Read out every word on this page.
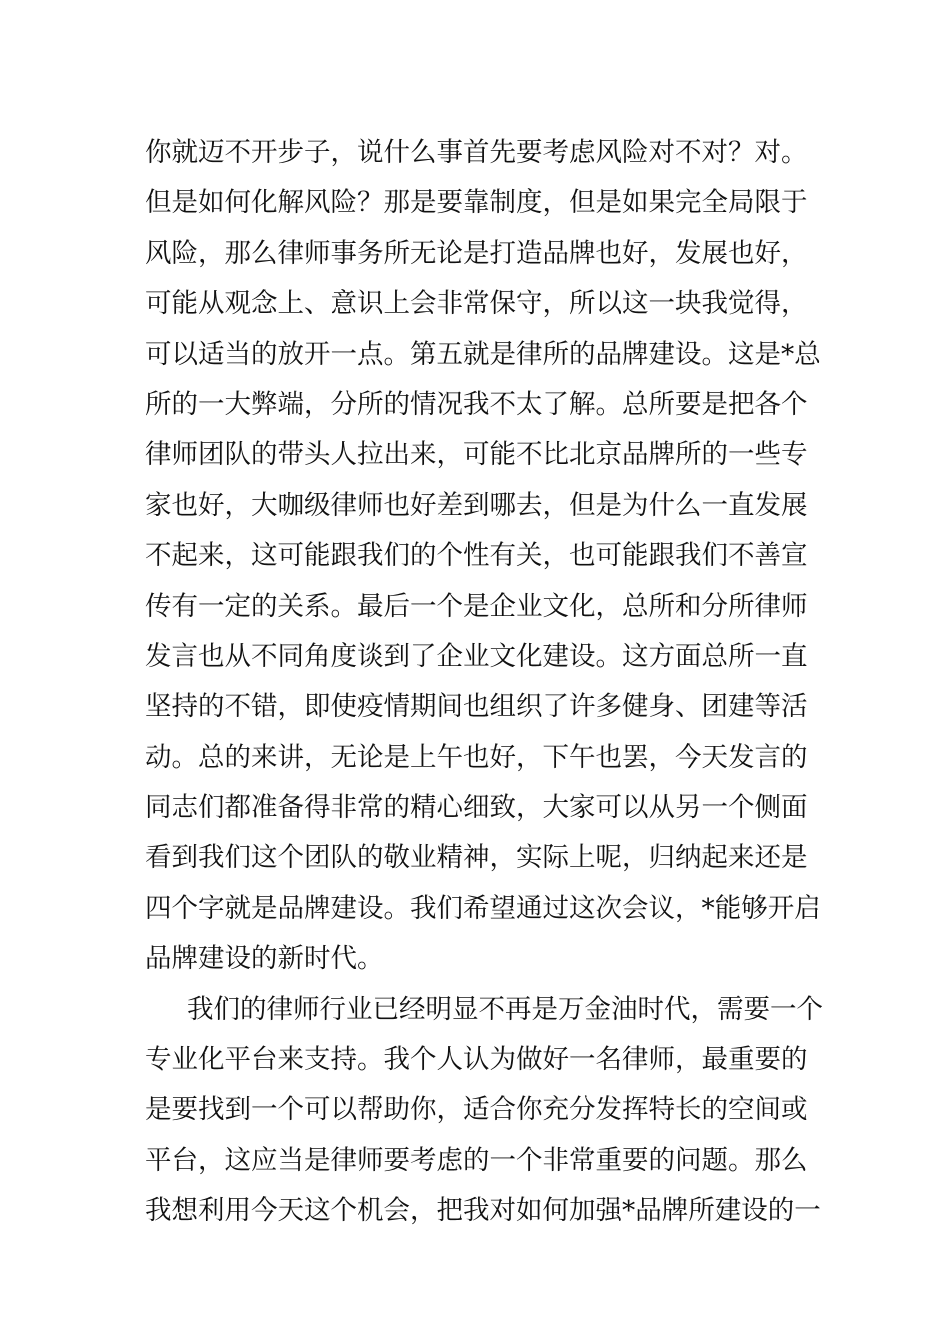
你就迈不开步子，说什么事首先要考虑风险对不对？对。
但是如何化解风险？那是要靠制度，但是如果完全局限于
风险，那么律师事务所无论是打造品牌也好，发展也好，
可能从观念上、意识上会非常保守，所以这一块我觉得，
可以适当的放开一点。第五就是律所的品牌建设。这是*总
所的一大弊端，分所的情况我不太了解。总所要是把各个
律师团队的带头人拉出来，可能不比北京品牌所的一些专
家也好，大咖级律师也好差到哪去，但是为什么一直发展
不起来，这可能跟我们的个性有关，也可能跟我们不善宣
传有一定的关系。最后一个是企业文化，总所和分所律师
发言也从不同角度谈到了企业文化建设。这方面总所一直
坚持的不错，即使疫情期间也组织了许多健身、团建等活
动。总的来讲，无论是上午也好，下午也罢，今天发言的
同志们都准备得非常的精心细致，大家可以从另一个侧面
看到我们这个团队的敬业精神，实际上呢，归纳起来还是
四个字就是品牌建设。我们希望通过这次会议，*能够开启
品牌建设的新时代。
我们的律师行业已经明显不再是万金油时代，需要一个
专业化平台来支持。我个人认为做好一名律师，最重要的
是要找到一个可以帮助你，适合你充分发挥特长的空间或
平台，这应当是律师要考虑的一个非常重要的问题。那么
我想利用今天这个机会，把我对如何加强*品牌所建设的一
